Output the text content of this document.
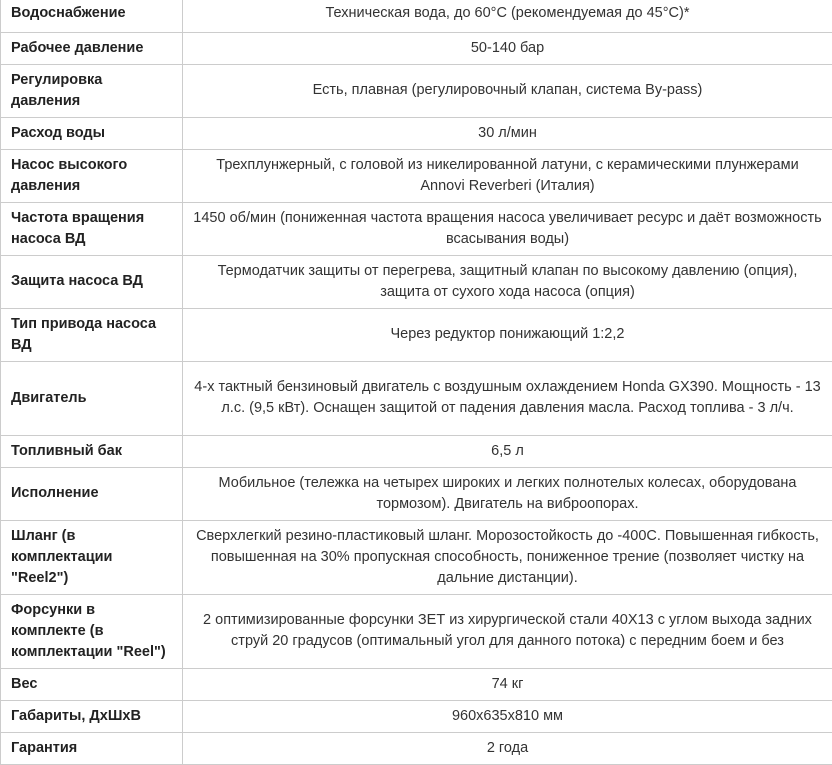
Водоснабжение	Техническая вода, до 60°С (рекомендуемая до 45°С)*
Рабочее давление	50-140 бар
Регулировка давления	Есть, плавная (регулировочный клапан, система By-pass)
Расход воды	30 л/мин
Насос высокого давления	Трехплунжерный, с головой из никелированной латуни, с керамическими плунжерами Annovi Reverberi (Италия)
Частота вращения насоса ВД	1450 об/мин (пониженная частота вращения насоса увеличивает ресурс и даёт возможность всасывания воды)
Защита насоса ВД	Термодатчик защиты от перегрева, защитный клапан по высокому давлению (опция), защита от сухого хода насоса (опция)
Тип привода насоса ВД	Через редуктор понижающий 1:2,2
Двигатель	4-х тактный бензиновый двигатель с воздушным охлаждением Honda GX390. Мощность - 13 л.с. (9,5 кВт). Оснащен защитой от падения давления масла. Расход топлива - 3 л/ч.
Топливный бак	6,5 л
Исполнение	Мобильное (тележка на четырех широких и легких полнотелых колесах, оборудована тормозом). Двигатель на виброопорах.
Шланг (в комплектации "Reel2")	Сверхлегкий резино-пластиковый шланг. Морозостойкость до -400С. Повышенная гибкость, повышенная на 30% пропускная способность, пониженное трение (позволяет чистку на дальние дистанции).
Форсунки в комплекте (в комплектации "Reel")	2 оптимизированные форсунки ЗЕТ из хирургической стали 40Х13 с углом выхода задних струй 20 градусов (оптимальный угол для данного потока) с передним боем и без
Вес	74 кг
Габариты, ДхШхВ	960х635х810 мм
Гарантия	2 года
